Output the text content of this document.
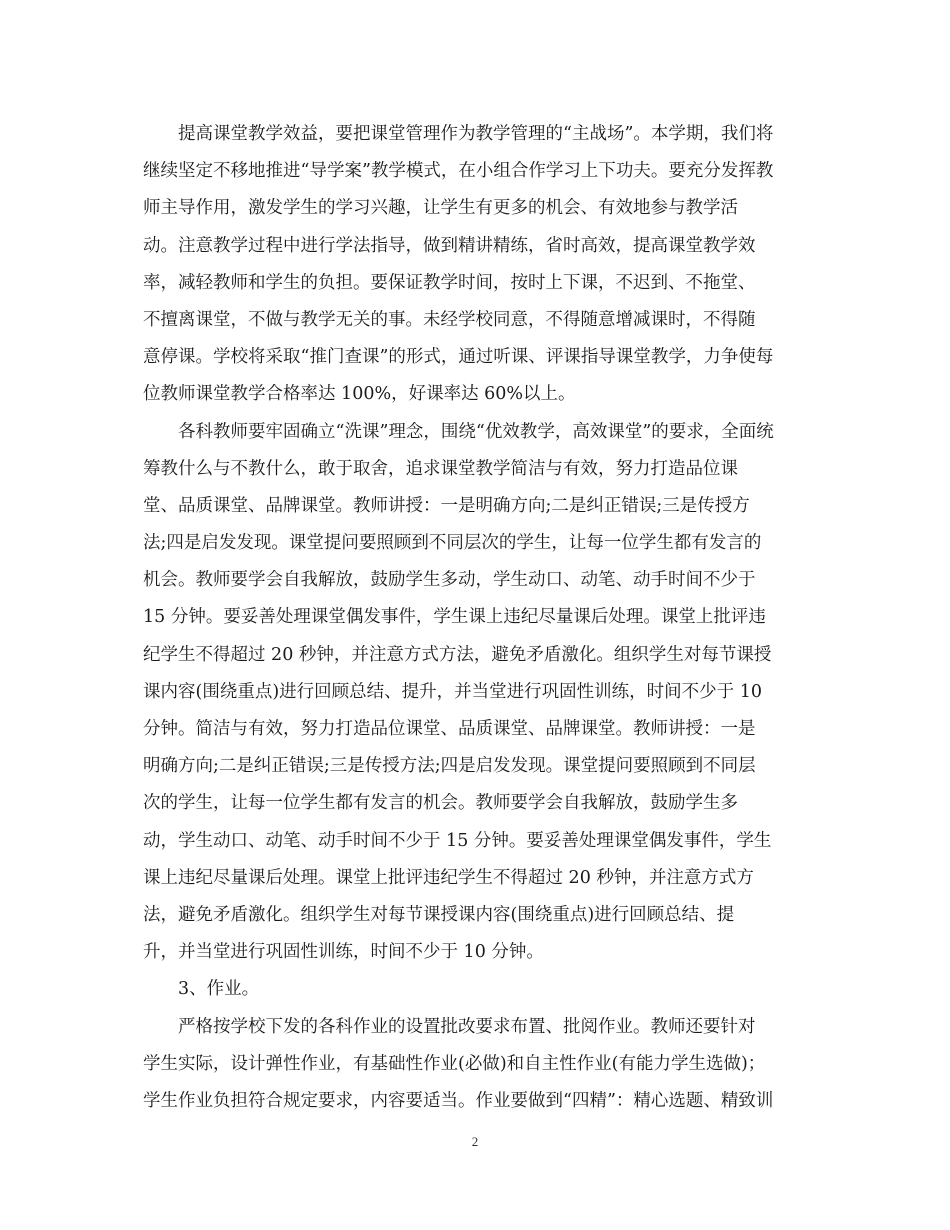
提高课堂教学效益，要把课堂管理作为教学管理的“主战场”。本学期，我们将
继续坚定不移地推进“导学案”教学模式，在小组合作学习上下功夫。要充分发挥教
师主导作用，激发学生的学习兴趣，让学生有更多的机会、有效地参与教学活
动。注意教学过程中进行学法指导，做到精讲精练，省时高效，提高课堂教学效
率，减轻教师和学生的负担。要保证教学时间，按时上下课，不迟到、不拖堂、
不擅离课堂，不做与教学无关的事。未经学校同意，不得随意增减课时，不得随
意停课。学校将采取“推门查课”的形式，通过听课、评课指导课堂教学，力争使每
位教师课堂教学合格率达 100%，好课率达 60%以上。
各科教师要牢固确立“洗课”理念，围绕“优效教学，高效课堂”的要求，全面统
筹教什么与不教什么，敢于取舍，追求课堂教学简洁与有效，努力打造品位课
堂、品质课堂、品牌课堂。教师讲授：一是明确方向;二是纠正错误;三是传授方
法;四是启发发现。课堂提问要照顾到不同层次的学生，让每一位学生都有发言的
机会。教师要学会自我解放，鼓励学生多动，学生动口、动笔、动手时间不少于
15 分钟。要妥善处理课堂偶发事件，学生课上违纪尽量课后处理。课堂上批评违
纪学生不得超过 20 秒钟，并注意方式方法，避免矛盾激化。组织学生对每节课授
课内容(围绕重点)进行回顾总结、提升，并当堂进行巩固性训练，时间不少于 10
分钟。简洁与有效，努力打造品位课堂、品质课堂、品牌课堂。教师讲授：一是
明确方向;二是纠正错误;三是传授方法;四是启发发现。课堂提问要照顾到不同层
次的学生，让每一位学生都有发言的机会。教师要学会自我解放，鼓励学生多
动，学生动口、动笔、动手时间不少于 15 分钟。要妥善处理课堂偶发事件，学生
课上违纪尽量课后处理。课堂上批评违纪学生不得超过 20 秒钟，并注意方式方
法，避免矛盾激化。组织学生对每节课授课内容(围绕重点)进行回顾总结、提
升，并当堂进行巩固性训练，时间不少于 10 分钟。
3、作业。
严格按学校下发的各科作业的设置批改要求布置、批阅作业。教师还要针对
学生实际，设计弹性作业，有基础性作业(必做)和自主性作业(有能力学生选做)；
学生作业负担符合规定要求，内容要适当。作业要做到“四精”：精心选题、精致训
2
